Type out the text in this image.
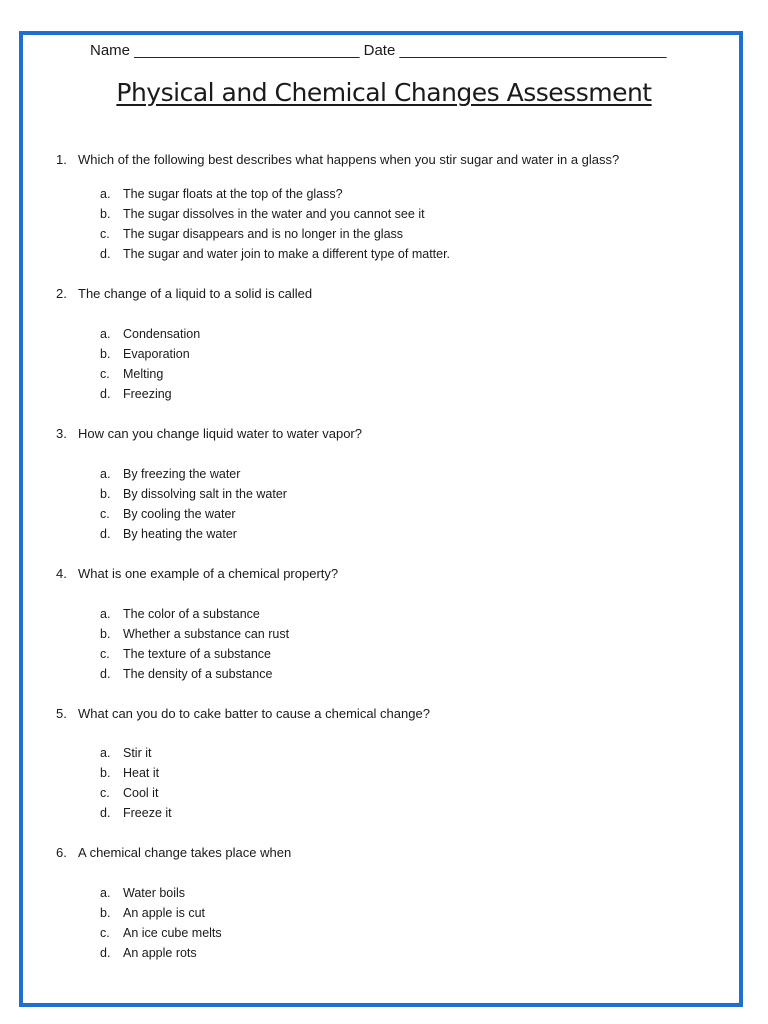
Name ___________________________ Date ________________________________
Physical and Chemical Changes Assessment
1. Which of the following best describes what happens when you stir sugar and water in a glass?
a. The sugar floats at the top of the glass?
b. The sugar dissolves in the water and you cannot see it
c. The sugar disappears and is no longer in the glass
d. The sugar and water join to make a different type of matter.
2. The change of a liquid to a solid is called
a. Condensation
b. Evaporation
c. Melting
d. Freezing
3. How can you change liquid water to water vapor?
a. By freezing the water
b. By dissolving salt in the water
c. By cooling the water
d. By heating the water
4. What is one example of a chemical property?
a. The color of a substance
b. Whether a substance can rust
c. The texture of a substance
d. The density of a substance
5. What can you do to cake batter to cause a chemical change?
a. Stir it
b. Heat it
c. Cool it
d. Freeze it
6. A chemical change takes place when
a. Water boils
b. An apple is cut
c. An ice cube melts
d. An apple rots
